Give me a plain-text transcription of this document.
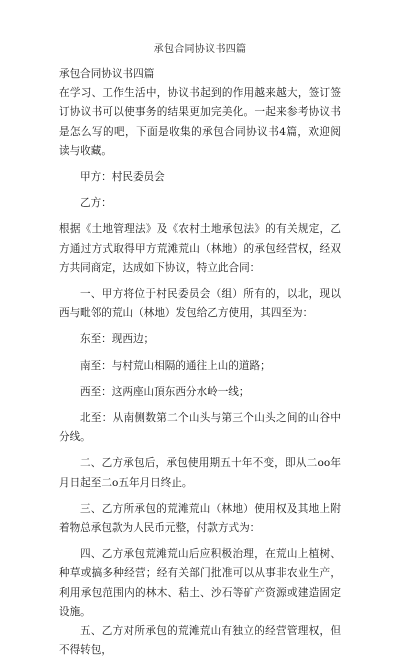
承包合同协议书四篇

承包合同协议书四篇

在学习、工作生活中，协议书起到的作用越来越大，签订签订协议书可以使事务的结果更加完美化。一起来参考协议书是怎么写的吧，下面是收集的承包合同协议书4篇，欢迎阅读与收藏。

甲方：村民委员会

乙方：

根据《土地管理法》及《农村土地承包法》的有关规定，乙方通过方式取得甲方荒滩荒山（林地）的承包经营权，经双方共同商定，达成如下协议，特立此合同：

一、甲方将位于村民委员会（组）所有的，以北，现以西与毗邻的荒山（林地）发包给乙方使用，其四至为：

东至：现西边；

南至：与村荒山相隔的通往上山的道路；

西至：这两座山頂东西分水岭一线；

北至：从南侧数第二个山头与第三个山头之间的山谷中分线。

二、乙方承包后，承包使用期五十年不变，即从二oo年月日起至二o五年月日终止。

三、乙方所承包的荒滩荒山（林地）使用权及其地上附着物总承包款为人民币元整，付款方式为：

四、乙方承包荒滩荒山后应积极治理，在荒山上植树、种草或搞多种经营；经有关部门批准可以从事非农业生产，利用承包范围内的林木、秸土、沙石等矿产资源或建造固定设施。

五、乙方对所承包的荒滩荒山有独立的经营管理权，但不得转包，
